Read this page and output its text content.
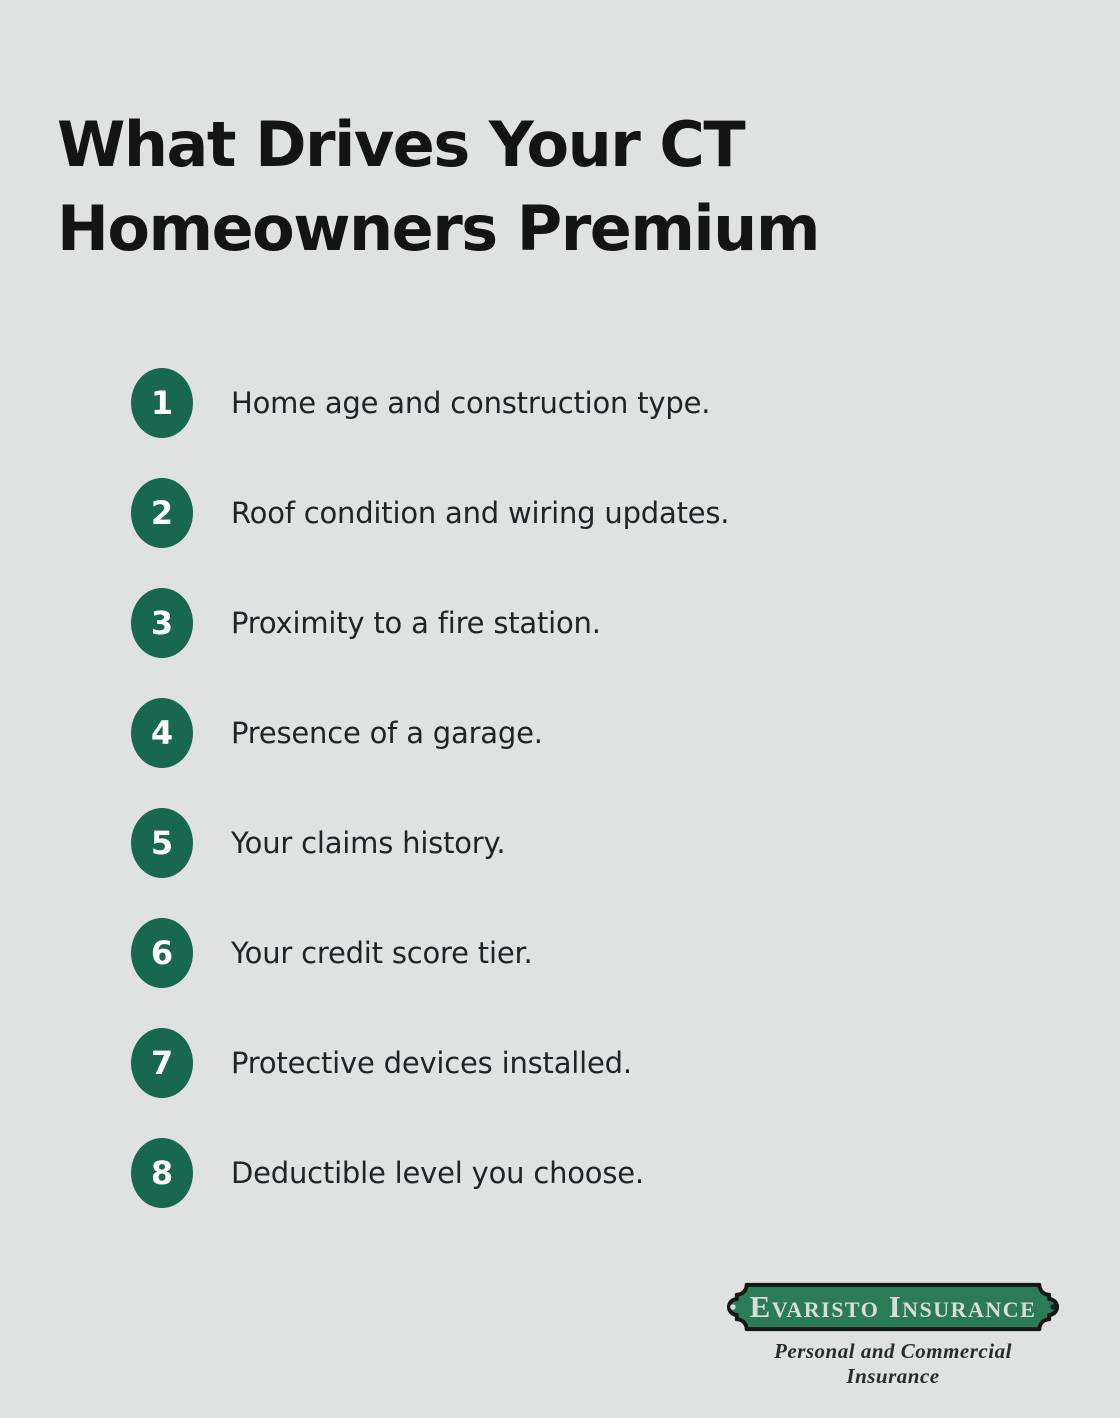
What Drives Your CT
Homeowners Premium
1	Home age and construction type.
2	Roof condition and wiring updates.
3	Proximity to a fire station.
4	Presence of a garage.
5	Your claims history.
6	Your credit score tier.
7	Protective devices installed.
8	Deductible level you choose.
Evaristo Insurance
Personal and Commercial Insurance
